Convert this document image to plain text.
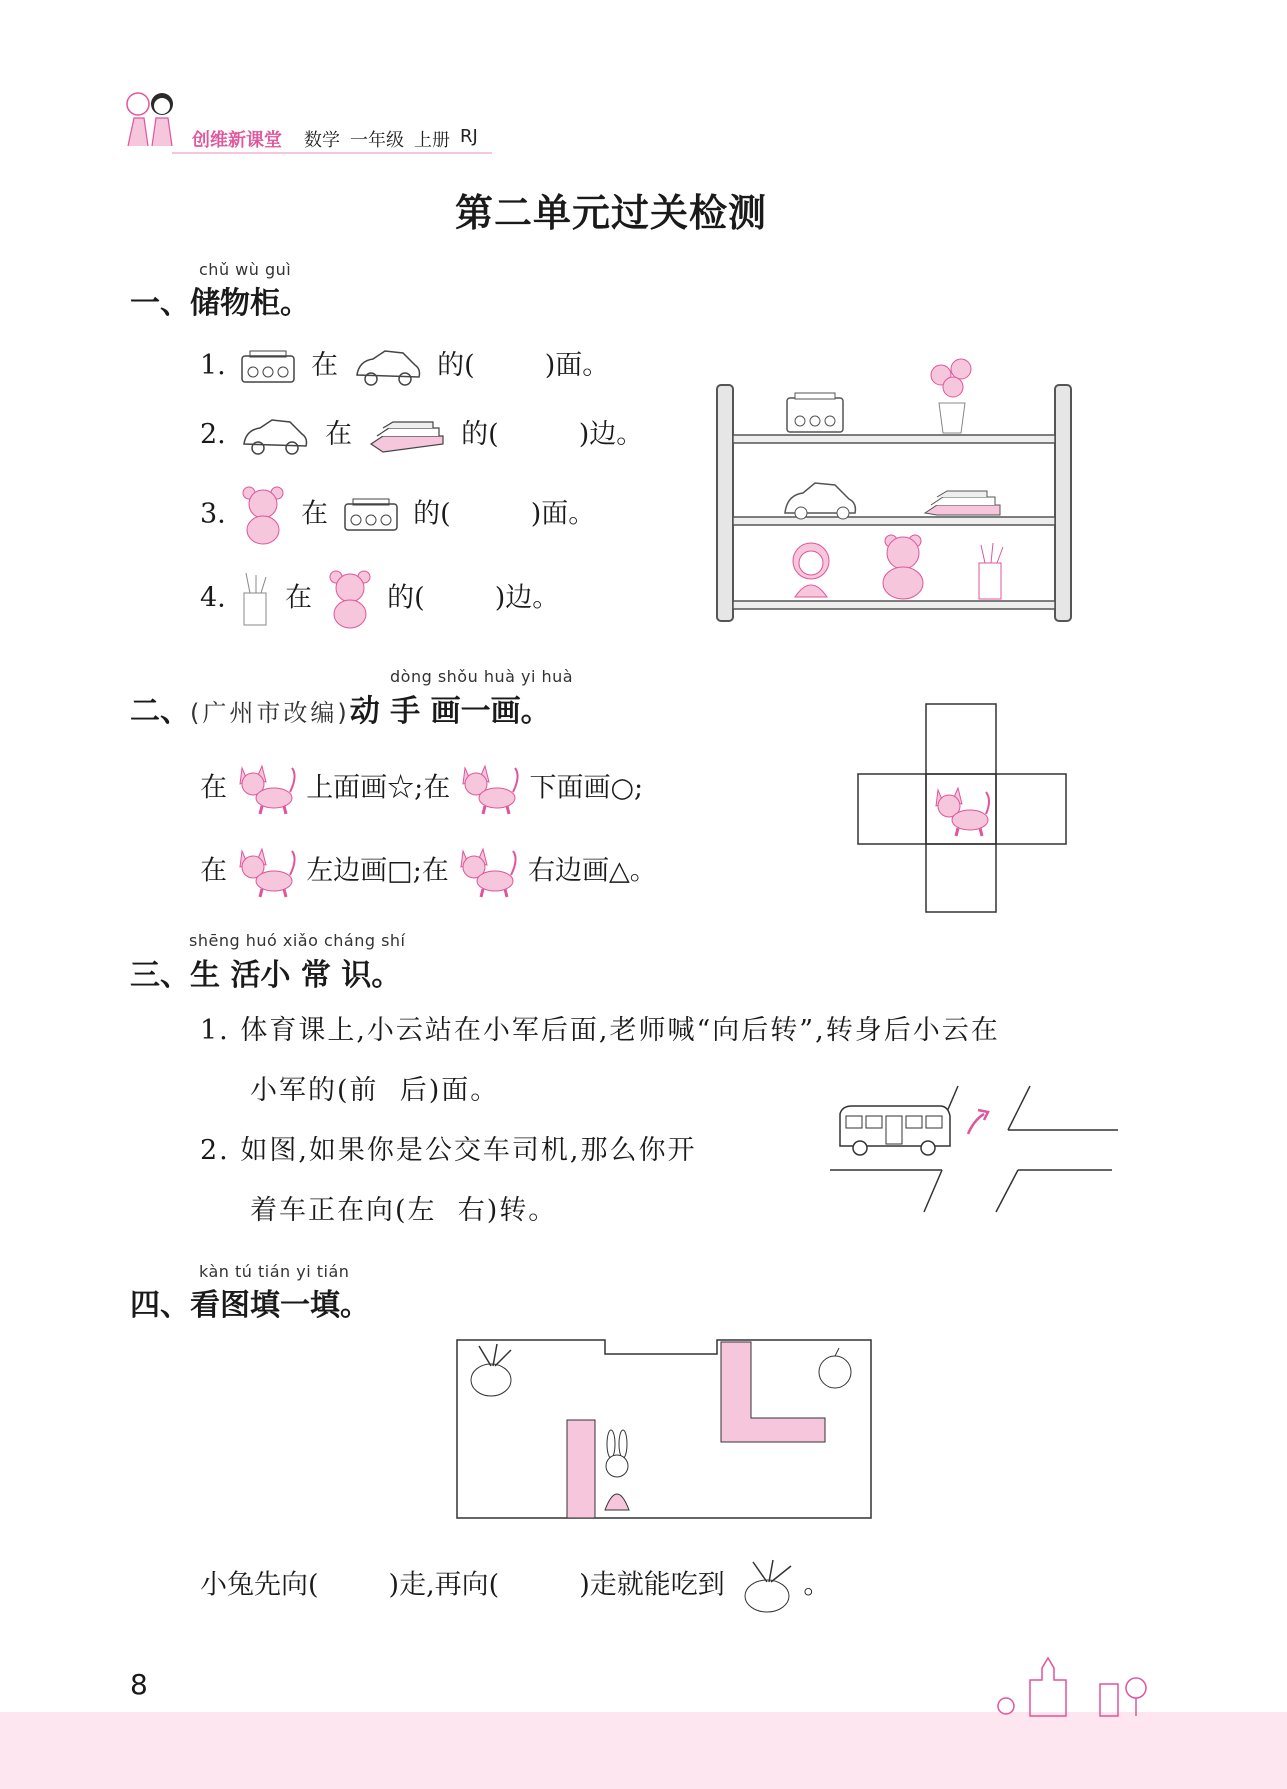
创维新课堂 数学 一年级 上册 RJ
第二单元过关检测
chǔ wù guì
一、储物柜。
1.	在	的(	)面。
2.	在	的(	)边。
3.	在	的(	)面。
4. 在	的(	)边。
dòng shǒu huà yi huà
二、(广州市改编)动 手 画一画。
在	上面画☆;在	下面画○;
在	左边画□;在	右边画△。
shēng huó xiǎo cháng shí
三、生 活小 常 识。
1. 体育课上,小云站在小军后面,老师喊“向后转”,转身后小云在
小军的(前  后)面。
2. 如图,如果你是公交车司机,那么你开
着车正在向(左  右)转。
kàn tú tián yi tián
四、看图填一填。
小兔先向(	)走,再向(	)走就能吃到	。
8
